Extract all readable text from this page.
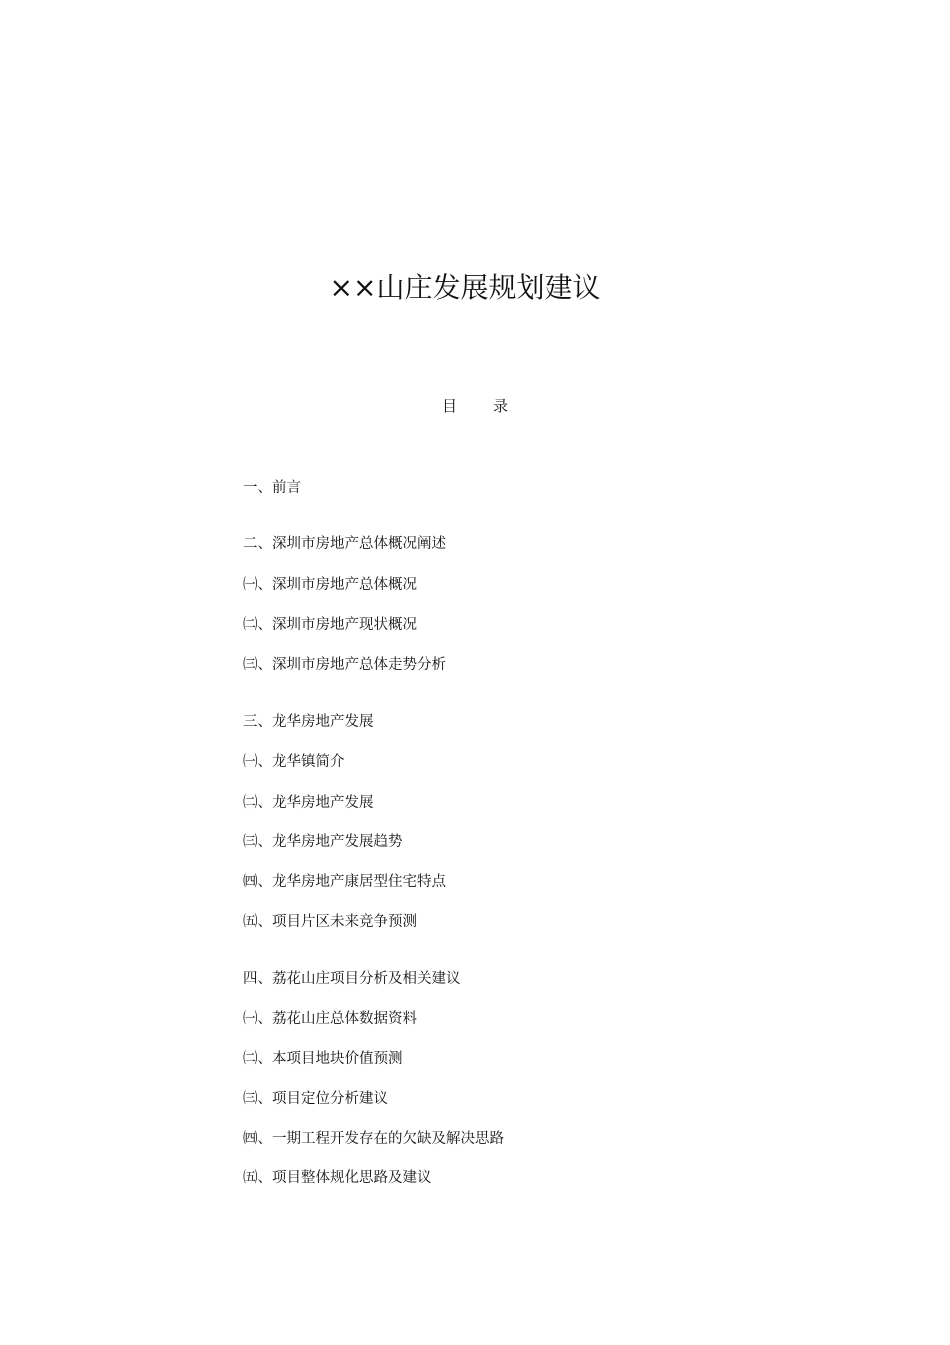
××山庄发展规划建议
目 录
一、前言
二、深圳市房地产总体概况阐述
㈠、深圳市房地产总体概况
㈡、深圳市房地产现状概况
㈢、深圳市房地产总体走势分析
三、龙华房地产发展
㈠、龙华镇简介
㈡、龙华房地产发展
㈢、龙华房地产发展趋势
㈣、龙华房地产康居型住宅特点
㈤、项目片区未来竞争预测
四、荔花山庄项目分析及相关建议
㈠、荔花山庄总体数据资料
㈡、本项目地块价值预测
㈢、项目定位分析建议
㈣、一期工程开发存在的欠缺及解决思路
㈤、项目整体规化思路及建议
